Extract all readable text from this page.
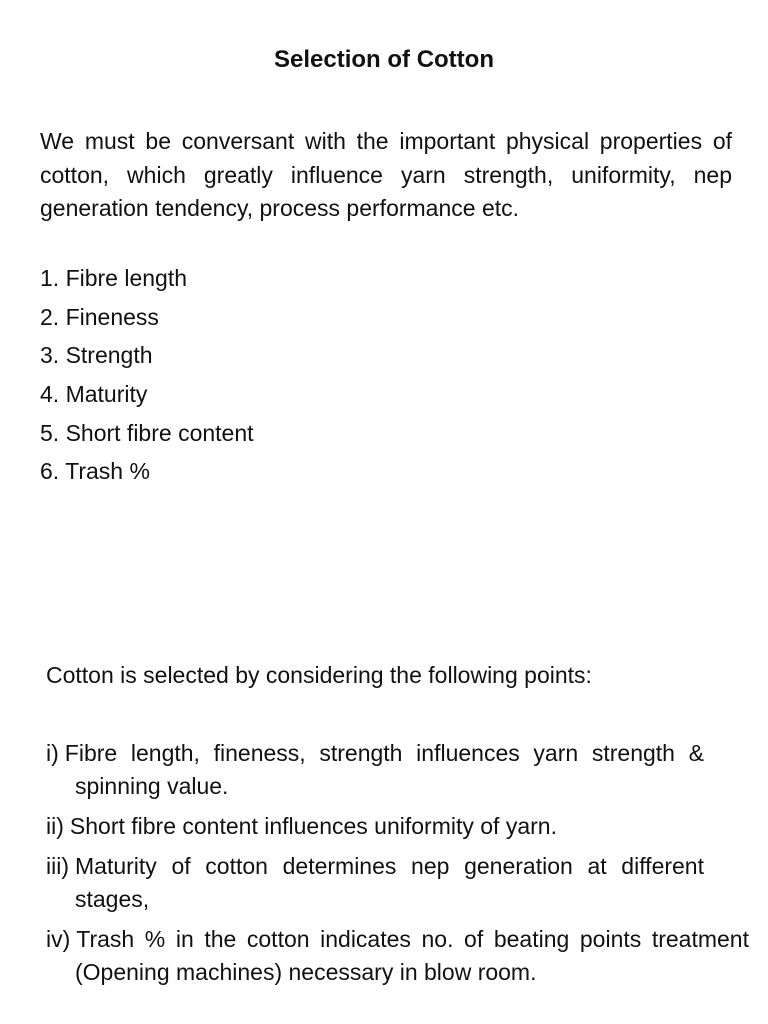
Selection of Cotton

We must be conversant with the important physical properties of cotton, which greatly influence yarn strength, uniformity, nep generation tendency, process performance etc.

1. Fibre length
2. Fineness
3. Strength
4. Maturity
5. Short fibre content
6. Trash %

Cotton is selected by considering the following points:

i) Fibre length, fineness, strength influences yarn strength & spinning value.
ii) Short fibre content influences uniformity of yarn.
iii) Maturity of cotton determines nep generation at different stages,
iv) Trash % in the cotton indicates no. of beating points treatment (Opening machines) necessary in blow room.
